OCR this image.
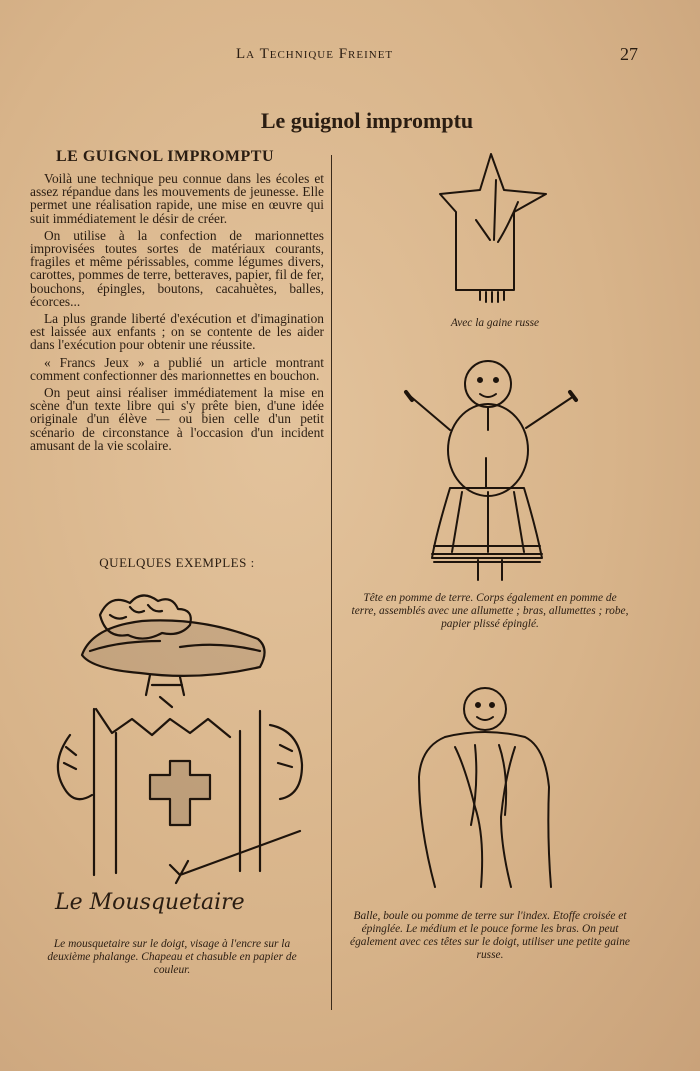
La Technique Freinet	27
Le guignol impromptu
LE GUIGNOL IMPROMPTU

Voilà une technique peu connue dans les écoles et assez répandue dans les mouvements de jeunesse. Elle permet une réalisation rapide, une mise en œuvre qui suit immédiatement le désir de créer.

On utilise à la confection de marionnettes improvisées toutes sortes de matériaux courants, fragiles et même périssables, comme légumes divers, carottes, pommes de terre, betteraves, papier, fil de fer, bouchons, épingles, boutons, cacahuètes, balles, écorces...

La plus grande liberté d'exécution et d'imagination est laissée aux enfants ; on se contente de les aider dans l'exécution pour obtenir une réussite.

« Francs Jeux » a publié un article montrant comment confectionner des marionnettes en bouchon.

On peut ainsi réaliser immédiatement la mise en scène d'un texte libre qui s'y prête bien, d'une idée originale d'un élève — ou bien celle d'un petit scénario de circonstance à l'occasion d'un incident amusant de la vie scolaire.

QUELQUES EXEMPLES :
Le Mousquetaire
Le mousquetaire sur le doigt, visage à l'encre sur la deuxième phalange. Chapeau et chasuble en papier de couleur.
Avec la gaine russe
Tête en pomme de terre. Corps également en pomme de terre, assemblés avec une allumette ; bras, allumettes ; robe, papier plissé épinglé.
Balle, boule ou pomme de terre sur l'index. Etoffe croisée et épinglée. Le médium et le pouce forme les bras. On peut également avec ces têtes sur le doigt, utiliser une petite gaine russe.
